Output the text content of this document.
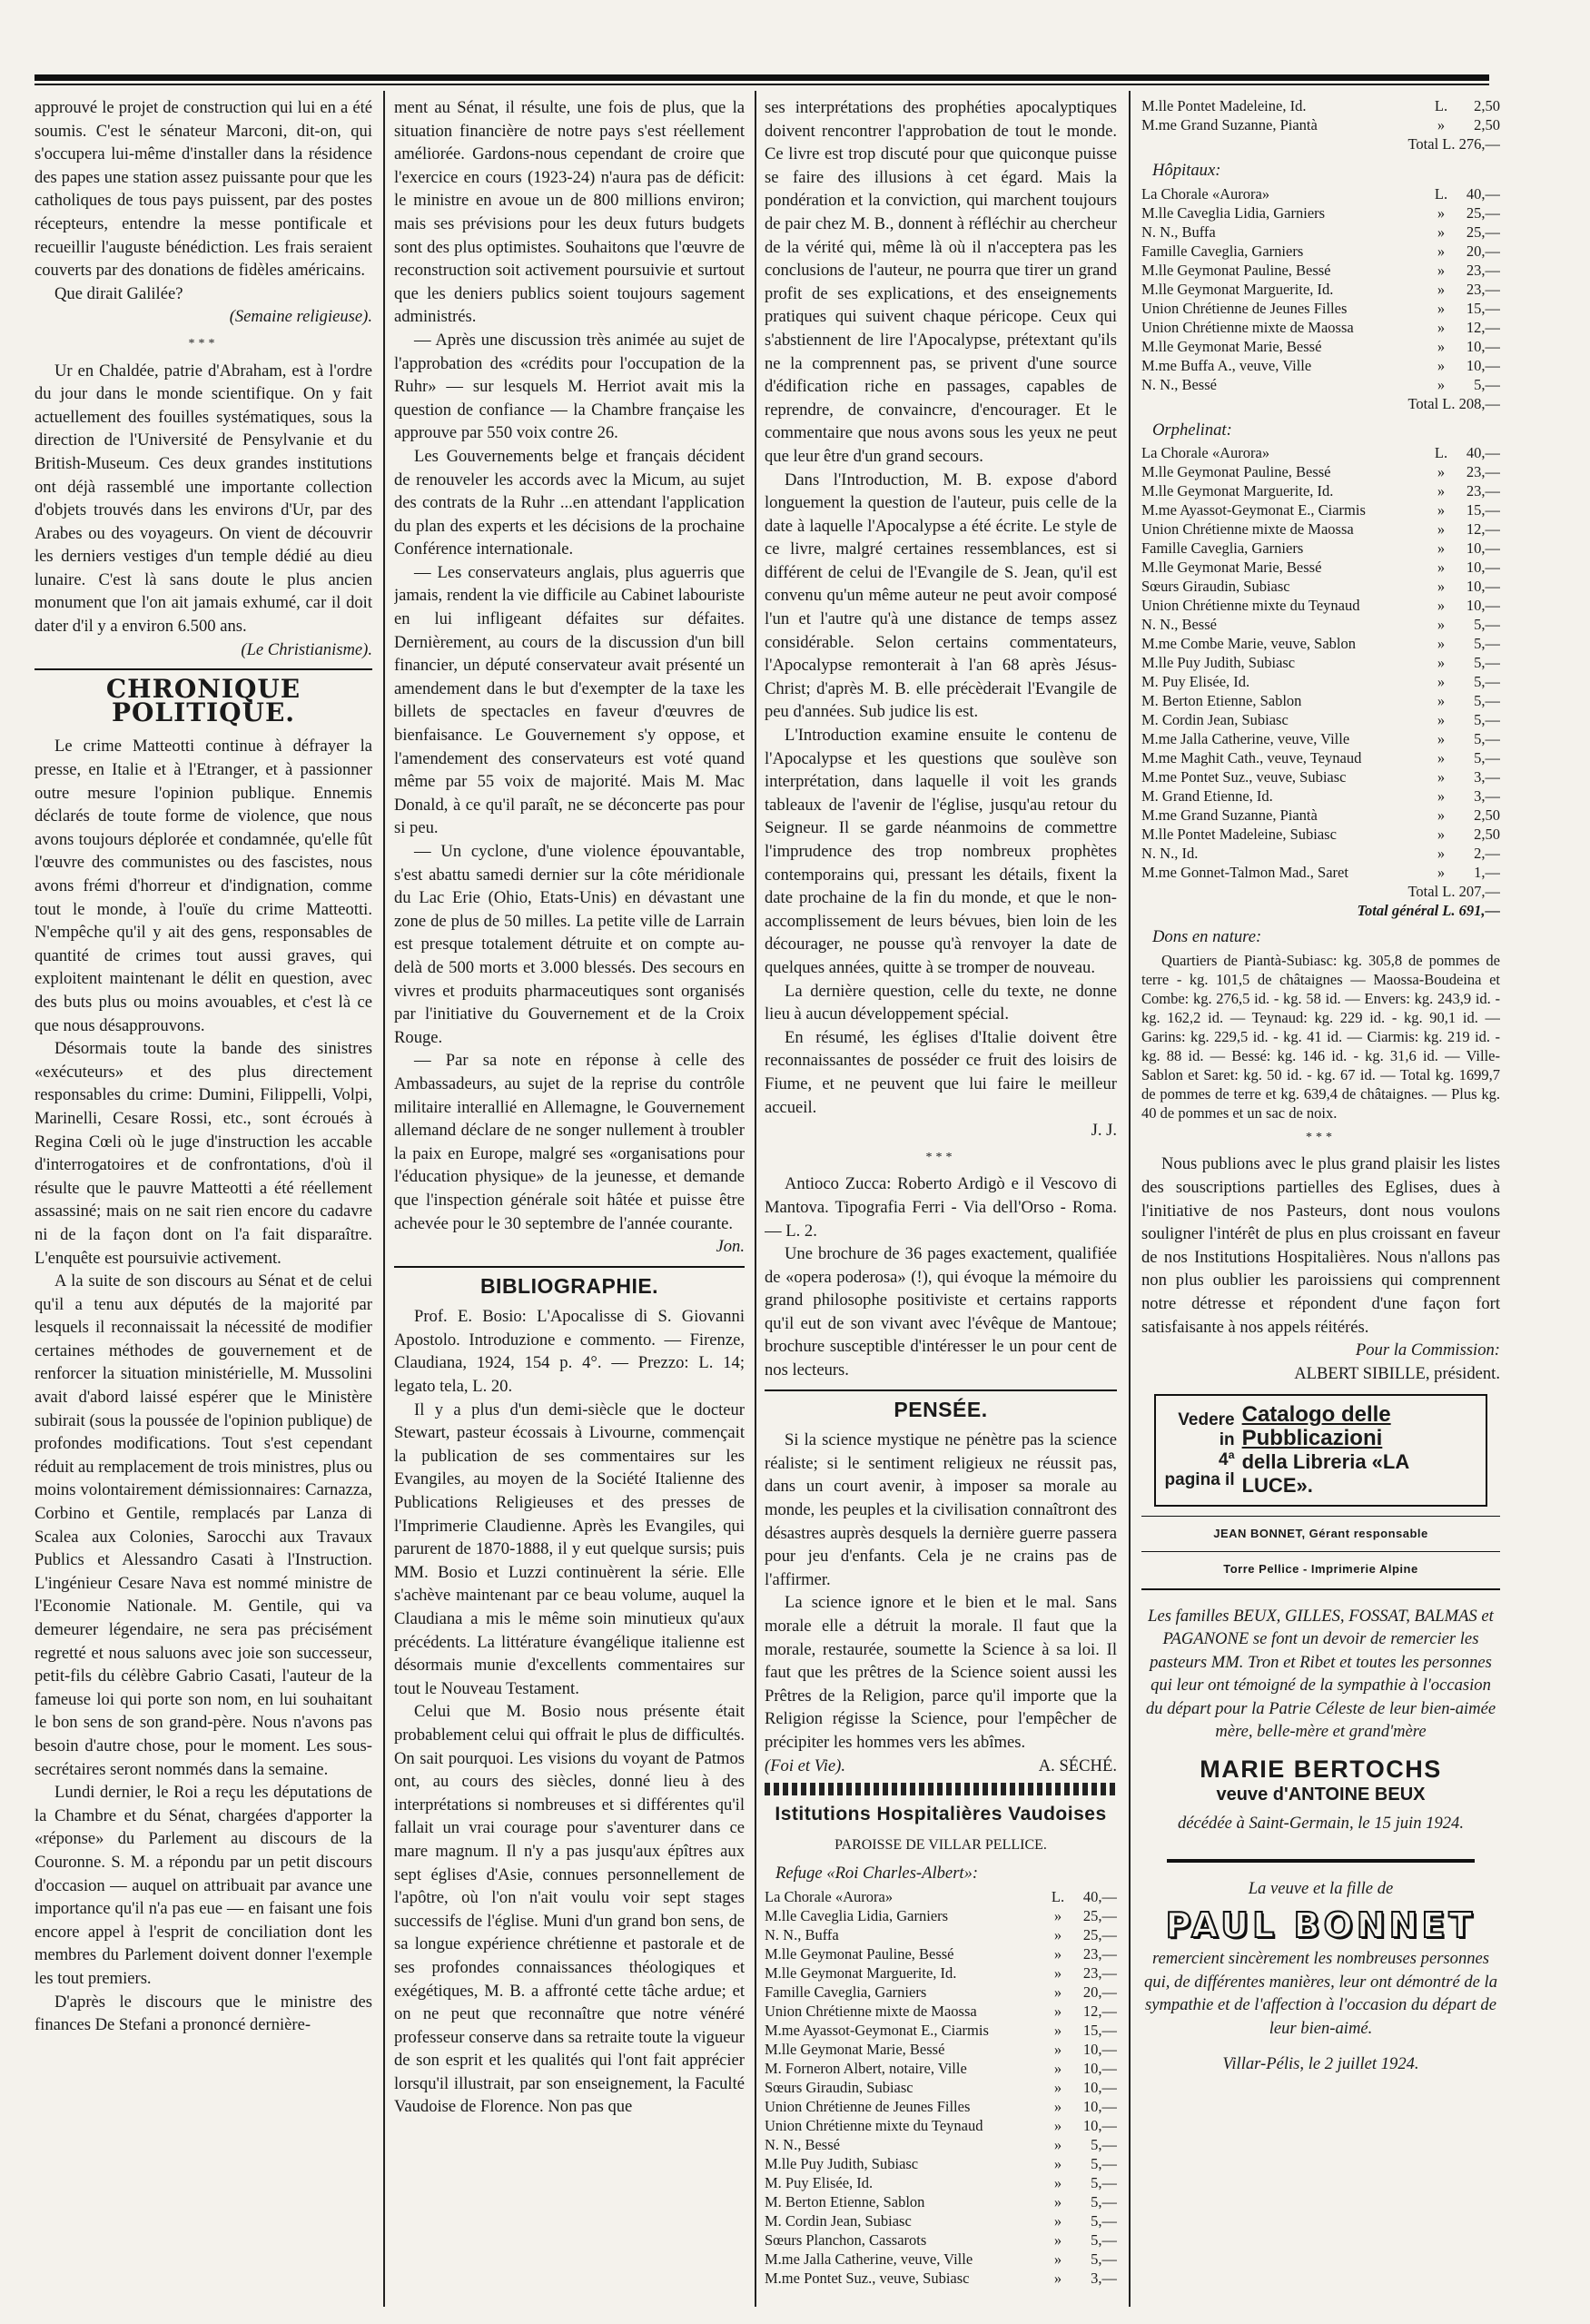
approuvé le projet de construction qui lui en a été soumis. C'est le sénateur Marconi, dit-on, qui s'occupera lui-même d'installer dans la résidence des papes une station assez puissante pour que les catholiques de tous pays puissent, par des postes récepteurs, entendre la messe pontificale et recueillir l'auguste bénédiction. Les frais seraient couverts par des donations de fidèles américains.

Que dirait Galilée?

(Semaine religieuse).

***

Ur en Chaldée, patrie d'Abraham, est à l'ordre du jour dans le monde scientifique. On y fait actuellement des fouilles systématiques, sous la direction de l'Université de Pensylvanie et du British-Museum. Ces deux grandes institutions ont déjà rassemblé une importante collection d'objets trouvés dans les environs d'Ur, par des Arabes ou des voyageurs. On vient de découvrir les derniers vestiges d'un temple dédié au dieu lunaire. C'est là sans doute le plus ancien monument que l'on ait jamais exhumé, car il doit dater d'il y a environ 6.500 ans.

(Le Christianisme).

CHRONIQUE POLITIQUE.

Le crime Matteotti continue à défrayer la presse, en Italie et à l'Etranger, et à passionner outre mesure l'opinion publique. Ennemis déclarés de toute forme de violence, que nous avons toujours déplorée et condamnée, qu'elle fût l'œuvre des communistes ou des fascistes, nous avons frémi d'horreur et d'indignation, comme tout le monde, à l'ouïe du crime Matteotti. N'empêche qu'il y ait des gens, responsables de quantité de crimes tout aussi graves, qui exploitent maintenant le délit en question, avec des buts plus ou moins avouables, et c'est là ce que nous désapprouvons.

Désormais toute la bande des sinistres «exécuteurs» et des plus directement responsables du crime: Dumini, Filippelli, Volpi, Marinelli, Cesare Rossi, etc., sont écroués à Regina Cœli où le juge d'instruction les accable d'interrogatoires et de confrontations, d'où il résulte que le pauvre Matteotti a été réellement assassiné; mais on ne sait rien encore du cadavre ni de la façon dont on l'a fait disparaître. L'enquête est poursuivie activement.

A la suite de son discours au Sénat et de celui qu'il a tenu aux députés de la majorité par lesquels il reconnaissait la nécessité de modifier certaines méthodes de gouvernement et de renforcer la situation ministérielle, M. Mussolini avait d'abord laissé espérer que le Ministère subirait (sous la poussée de l'opinion publique) de profondes modifications. Tout s'est cependant réduit au remplacement de trois ministres, plus ou moins volontairement démissionnaires: Carnazza, Corbino et Gentile, remplacés par Lanza di Scalea aux Colonies, Sarocchi aux Travaux Publics et Alessandro Casati à l'Instruction. L'ingénieur Cesare Nava est nommé ministre de l'Economie Nationale. M. Gentile, qui va demeurer légendaire, ne sera pas précisément regretté et nous saluons avec joie son successeur, petit-fils du célèbre Gabrio Casati, l'auteur de la fameuse loi qui porte son nom, en lui souhaitant le bon sens de son grand-père. Nous n'avons pas besoin d'autre chose, pour le moment. Les sous-secrétaires seront nommés dans la semaine.

Lundi dernier, le Roi a reçu les députations de la Chambre et du Sénat, chargées d'apporter la «réponse» du Parlement au discours de la Couronne. S. M. a répondu par un petit discours d'occasion — auquel on attribuait par avance une importance qu'il n'a pas eue — en faisant une fois encore appel à l'esprit de conciliation dont les membres du Parlement doivent donner l'exemple les tout premiers.

D'après le discours que le ministre des finances De Stefani a prononcé dernière-

ment au Sénat, il résulte, une fois de plus, que la situation financière de notre pays s'est réellement améliorée. Gardons-nous cependant de croire que l'exercice en cours (1923-24) n'aura pas de déficit: le ministre en avoue un de 800 millions environ; mais ses prévisions pour les deux futurs budgets sont des plus optimistes. Souhaitons que l'œuvre de reconstruction soit activement poursuivie et surtout que les deniers publics soient toujours sagement administrés.

— Après une discussion très animée au sujet de l'approbation des «crédits pour l'occupation de la Ruhr» — sur lesquels M. Herriot avait mis la question de confiance — la Chambre française les approuve par 550 voix contre 26.

Les Gouvernements belge et français décident de renouveler les accords avec la Micum, au sujet des contrats de la Ruhr ...en attendant l'application du plan des experts et les décisions de la prochaine Conférence internationale.

— Les conservateurs anglais, plus aguerris que jamais, rendent la vie difficile au Cabinet labouriste en lui infligeant défaites sur défaites. Dernièrement, au cours de la discussion d'un bill financier, un député conservateur avait présenté un amendement dans le but d'exempter de la taxe les billets de spectacles en faveur d'œuvres de bienfaisance. Le Gouvernement s'y oppose, et l'amendement des conservateurs est voté quand même par 55 voix de majorité. Mais M. Mac Donald, à ce qu'il paraît, ne se déconcerte pas pour si peu.

— Un cyclone, d'une violence épouvantable, s'est abattu samedi dernier sur la côte méridionale du Lac Erie (Ohio, Etats-Unis) en dévastant une zone de plus de 50 milles. La petite ville de Larrain est presque totalement détruite et on compte au-delà de 500 morts et 3.000 blessés. Des secours en vivres et produits pharmaceutiques sont organisés par l'initiative du Gouvernement et de la Croix Rouge.

— Par sa note en réponse à celle des Ambassadeurs, au sujet de la reprise du contrôle militaire interallié en Allemagne, le Gouvernement allemand déclare de ne songer nullement à troubler la paix en Europe, malgré ses «organisations pour l'éducation physique» de la jeunesse, et demande que l'inspection générale soit hâtée et puisse être achevée pour le 30 septembre de l'année courante.

Jon.

BIBLIOGRAPHIE.

Prof. E. Bosio: L'Apocalisse di S. Giovanni Apostolo. Introduzione e commento. — Firenze, Claudiana, 1924, 154 p. 4°. — Prezzo: L. 14; legato tela, L. 20.

Il y a plus d'un demi-siècle que le docteur Stewart, pasteur écossais à Livourne, commençait la publication de ses commentaires sur les Evangiles, au moyen de la Société Italienne des Publications Religieuses et des presses de l'Imprimerie Claudienne. Après les Evangiles, qui parurent de 1870-1888, il y eut quelque sursis; puis MM. Bosio et Luzzi continuèrent la série. Elle s'achève maintenant par ce beau volume, auquel la Claudiana a mis le même soin minutieux qu'aux précédents. La littérature évangélique italienne est désormais munie d'excellents commentaires sur tout le Nouveau Testament.

Celui que M. Bosio nous présente était probablement celui qui offrait le plus de difficultés. On sait pourquoi. Les visions du voyant de Patmos ont, au cours des siècles, donné lieu à des interprétations si nombreuses et si différentes qu'il fallait un vrai courage pour s'aventurer dans ce mare magnum. Il n'y a pas jusqu'aux épîtres aux sept églises d'Asie, connues personnellement de l'apôtre, où l'on n'ait voulu voir sept stages successifs de l'église. Muni d'un grand bon sens, de sa longue expérience chrétienne et pastorale et de ses profondes connaissances théologiques et exégétiques, M. B. a affronté cette tâche ardue; et on ne peut que reconnaître que notre vénéré professeur conserve dans sa retraite toute la vigueur de son esprit et les qualités qui l'ont fait apprécier lorsqu'il illustrait, par son enseignement, la Faculté Vaudoise de Florence. Non pas que

ses interprétations des prophéties apocalyptiques doivent rencontrer l'approbation de tout le monde. Ce livre est trop discuté pour que quiconque puisse se faire des illusions à cet égard. Mais la pondération et la conviction, qui marchent toujours de pair chez M. B., donnent à réfléchir au chercheur de la vérité qui, même là où il n'acceptera pas les conclusions de l'auteur, ne pourra que tirer un grand profit de ses explications, et des enseignements pratiques qui suivent chaque péricope. Ceux qui s'abstiennent de lire l'Apocalypse, prétextant qu'ils ne la comprennent pas, se privent d'une source d'édification riche en passages, capables de reprendre, de convaincre, d'encourager. Et le commentaire que nous avons sous les yeux ne peut que leur être d'un grand secours.

Dans l'Introduction, M. B. expose d'abord longuement la question de l'auteur, puis celle de la date à laquelle l'Apocalypse a été écrite. Le style de ce livre, malgré certaines ressemblances, est si différent de celui de l'Evangile de S. Jean, qu'il est convenu qu'un même auteur ne peut avoir composé l'un et l'autre qu'à une distance de temps assez considérable. Selon certains commentateurs, l'Apocalypse remonterait à l'an 68 après Jésus-Christ; d'après M. B. elle précèderait l'Evangile de peu d'années. Sub judice lis est.

L'Introduction examine ensuite le contenu de l'Apocalypse et les questions que soulève son interprétation, dans laquelle il voit les grands tableaux de l'avenir de l'église, jusqu'au retour du Seigneur. Il se garde néanmoins de commettre l'imprudence des trop nombreux prophètes contemporains qui, pressant les détails, fixent la date prochaine de la fin du monde, et que le non-accomplissement de leurs bévues, bien loin de les décourager, ne pousse qu'à renvoyer la date de quelques années, quitte à se tromper de nouveau.

La dernière question, celle du texte, ne donne lieu à aucun développement spécial.

En résumé, les églises d'Italie doivent être reconnaissantes de posséder ce fruit des loisirs de Fiume, et ne peuvent que lui faire le meilleur accueil.

J. J.

***

Antioco Zucca: Roberto Ardigò e il Vescovo di Mantova. Tipografia Ferri - Via dell'Orso - Roma. — L. 2.

Une brochure de 36 pages exactement, qualifiée de «opera poderosa» (!), qui évoque la mémoire du grand philosophe positiviste et certains rapports qu'il eut de son vivant avec l'évêque de Mantoue; brochure susceptible d'intéresser le un pour cent de nos lecteurs.

PENSÉE.

Si la science mystique ne pénètre pas la science réaliste; si le sentiment religieux ne réussit pas, dans un court avenir, à imposer sa morale au monde, les peuples et la civilisation connaîtront des désastres auprès desquels la dernière guerre passera pour jeu d'enfants. Cela je ne crains pas de l'affirmer.

La science ignore et le bien et le mal. Sans morale elle a détruit la morale. Il faut que la morale, restaurée, soumette la Science à sa loi. Il faut que les prêtres de la Science soient aussi les Prêtres de la Religion, parce qu'il importe que la Religion régisse la Science, pour l'empêcher de précipiter les hommes vers les abîmes.

(Foi et Vie).	A. SÉCHÉ.
Istitutions Hospitalières Vaudoises
PAROISSE DE VILLAR PELLICE.
Refuge «Roi Charles-Albert»:
La Chorale «Aurora»	L.	40,—
M.lle Caveglia Lidia, Garniers	»	25,—
N. N., Buffa	»	25,—
M.lle Geymonat Pauline, Bessé	»	23,—
M.lle Geymonat Marguerite, Id.	»	23,—
Famille Caveglia, Garniers	»	20,—
Union Chrétienne mixte de Maossa	»	12,—
M.me Ayassot-Geymonat E., Ciarmis	»	15,—
M.lle Geymonat Marie, Bessé	»	10,—
M. Forneron Albert, notaire, Ville	»	10,—
Sœurs Giraudin, Subiasc	»	10,—
Union Chrétienne de Jeunes Filles	»	10,—
Union Chrétienne mixte du Teynaud	»	10,—
N. N., Bessé	»	5,—
M.lle Puy Judith, Subiasc	»	5,—
M. Puy Elisée, Id.	»	5,—
M. Berton Etienne, Sablon	»	5,—
M. Cordin Jean, Subiasc	»	5,—
Sœurs Planchon, Cassarots	»	5,—
M.me Jalla Catherine, veuve, Ville	»	5,—
M.me Pontet Suz., veuve, Subiasc	»	3,—
M.lle Pontet Madeleine, Id.	L.	2,50
M.me Grand Suzanne, Piantà	»	2,50
Total L. 276,—
Hôpitaux:
La Chorale «Aurora»	L.	40,—
M.lle Caveglia Lidia, Garniers	»	25,—
N. N., Buffa	»	25,—
Famille Caveglia, Garniers	»	20,—
M.lle Geymonat Pauline, Bessé	»	23,—
M.lle Geymonat Marguerite, Id.	»	23,—
Union Chrétienne de Jeunes Filles	»	15,—
Union Chrétienne mixte de Maossa	»	12,—
M.lle Geymonat Marie, Bessé	»	10,—
M.me Buffa A., veuve, Ville	»	10,—
N. N., Bessé	»	5,—
Total L. 208,—
Orphelinat:
La Chorale «Aurora»	L.	40,—
M.lle Geymonat Pauline, Bessé	»	23,—
M.lle Geymonat Marguerite, Id.	»	23,—
M.me Ayassot-Geymonat E., Ciarmis	»	15,—
Union Chrétienne mixte de Maossa	»	12,—
Famille Caveglia, Garniers	»	10,—
M.lle Geymonat Marie, Bessé	»	10,—
Sœurs Giraudin, Subiasc	»	10,—
Union Chrétienne mixte du Teynaud	»	10,—
N. N., Bessé	»	5,—
M.me Combe Marie, veuve, Sablon	»	5,—
M.lle Puy Judith, Subiasc	»	5,—
M. Puy Elisée, Id.	»	5,—
M. Berton Etienne, Sablon	»	5,—
M. Cordin Jean, Subiasc	»	5,—
M.me Jalla Catherine, veuve, Ville	»	5,—
M.me Maghit Cath., veuve, Teynaud	»	5,—
M.me Pontet Suz., veuve, Subiasc	»	3,—
M. Grand Etienne, Id.	»	3,—
M.me Grand Suzanne, Piantà	»	2,50
M.lle Pontet Madeleine, Subiasc	»	2,50
N. N., Id.	»	2,—
M.me Gonnet-Talmon Mad., Saret	»	1,—
Total L. 207,—
Total général L. 691,—
Dons en nature:

Quartiers de Piantà-Subiasc: kg. 305,8 de pommes de terre - kg. 101,5 de châtaignes — Maossa-Boudeina et Combe: kg. 276,5 id. - kg. 58 id. — Envers: kg. 243,9 id. - kg. 162,2 id. — Teynaud: kg. 229 id. - kg. 90,1 id. — Garins: kg. 229,5 id. - kg. 41 id. — Ciarmis: kg. 219 id. - kg. 88 id. — Bessé: kg. 146 id. - kg. 31,6 id. — Ville-Sablon et Saret: kg. 50 id. - kg. 67 id. — Total kg. 1699,7 de pommes de terre et kg. 639,4 de châtaignes. — Plus kg. 40 de pommes et un sac de noix.

***

Nous publions avec le plus grand plaisir les listes des souscriptions partielles des Eglises, dues à l'initiative de nos Pasteurs, dont nous voulons souligner l'intérêt de plus en plus croissant en faveur de nos Institutions Hospitalières. Nous n'allons pas non plus oublier les paroissiens qui comprennent notre détresse et répondent d'une façon fort satisfaisante à nos appels réitérés.

Pour la Commission:

ALBERT SIBILLE, président.

Vedere in
4ª pagina il
Catalogo delle Pubblicazioni
della Libreria «LA LUCE».
JEAN BONNET, Gérant responsable
Torre Pellice - Imprimerie Alpine

Les familles BEUX, GILLES, FOSSAT, BALMAS et PAGANONE se font un devoir de remercier les pasteurs MM. Tron et Ribet et toutes les personnes qui leur ont témoigné de la sympathie à l'occasion du départ pour la Patrie Céleste de leur bien-aimée mère, belle-mère et grand'mère

MARIE BERTOCHS
veuve d'ANTOINE BEUX
décédée à Saint-Germain, le 15 juin 1924.
La veuve et la fille de
PAUL BONNET

remercient sincèrement les nombreuses personnes qui, de différentes manières, leur ont démontré de la sympathie et de l'affection à l'occasion du départ de leur bien-aimé.

Villar-Pélis, le 2 juillet 1924.
